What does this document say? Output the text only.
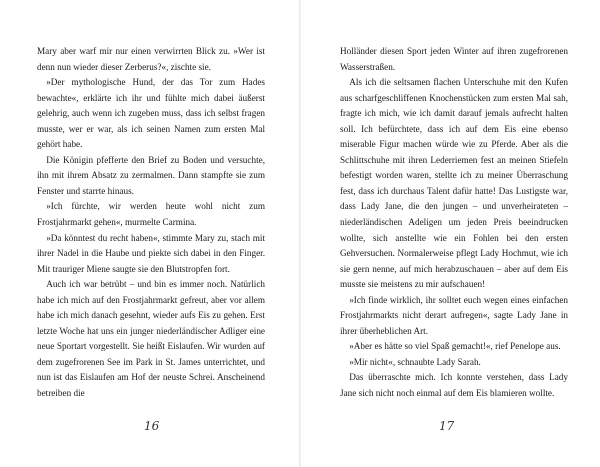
Mary aber warf mir nur einen verwirrten Blick zu. »Wer ist denn nun wieder dieser Zerberus?«, zischte sie.

»Der mythologische Hund, der das Tor zum Hades bewachte«, erklärte ich ihr und fühlte mich dabei äußerst gelehrig, auch wenn ich zugeben muss, dass ich selbst fragen musste, wer er war, als ich seinen Namen zum ersten Mal gehört habe.

Die Königin pfefferte den Brief zu Boden und versuchte, ihn mit ihrem Absatz zu zermalmen. Dann stampfte sie zum Fenster und starrte hinaus.

»Ich fürchte, wir werden heute wohl nicht zum Frostjahrmarkt gehen«, murmelte Carmina.

»Da könntest du recht haben«, stimmte Mary zu, stach mit ihrer Nadel in die Haube und piekte sich dabei in den Finger. Mit trauriger Miene saugte sie den Blutstropfen fort.

Auch ich war betrübt – und bin es immer noch. Natürlich habe ich mich auf den Frostjahrmarkt gefreut, aber vor allem habe ich mich danach gesehnt, wieder aufs Eis zu gehen. Erst letzte Woche hat uns ein junger niederländischer Adliger eine neue Sportart vorgestellt. Sie heißt Eislaufen. Wir wurden auf dem zugefrorenen See im Park in St. James unterrichtet, und nun ist das Eislaufen am Hof der neuste Schrei. Anscheinend betreiben die

16

Holländer diesen Sport jeden Winter auf ihren zugefrorenen Wasserstraßen.

Als ich die seltsamen flachen Unterschuhe mit den Kufen aus scharfgeschliffenen Knochenstücken zum ersten Mal sah, fragte ich mich, wie ich damit darauf jemals aufrecht halten soll. Ich befürchtete, dass ich auf dem Eis eine ebenso miserable Figur machen würde wie zu Pferde. Aber als die Schlittschuhe mit ihren Lederriemen fest an meinen Stiefeln befestigt worden waren, stellte ich zu meiner Überraschung fest, dass ich durchaus Talent dafür hatte! Das Lustigste war, dass Lady Jane, die den jungen – und unverheirateten – niederländischen Adeligen um jeden Preis beeindrucken wollte, sich anstellte wie ein Fohlen bei den ersten Gehversuchen. Normalerweise pflegt Lady Hochmut, wie ich sie gern nenne, auf mich herabzuschauen – aber auf dem Eis musste sie meistens zu mir aufschauen!

»Ich finde wirklich, ihr solltet euch wegen eines einfachen Frostjahrmarkts nicht derart aufregen«, sagte Lady Jane in ihrer überheblichen Art.

»Aber es hätte so viel Spaß gemacht!«, rief Penelope aus.

»Mir nicht«, schnaubte Lady Sarah.

Das überraschte mich. Ich konnte verstehen, dass Lady Jane sich nicht noch einmal auf dem Eis blamieren wollte.

17
